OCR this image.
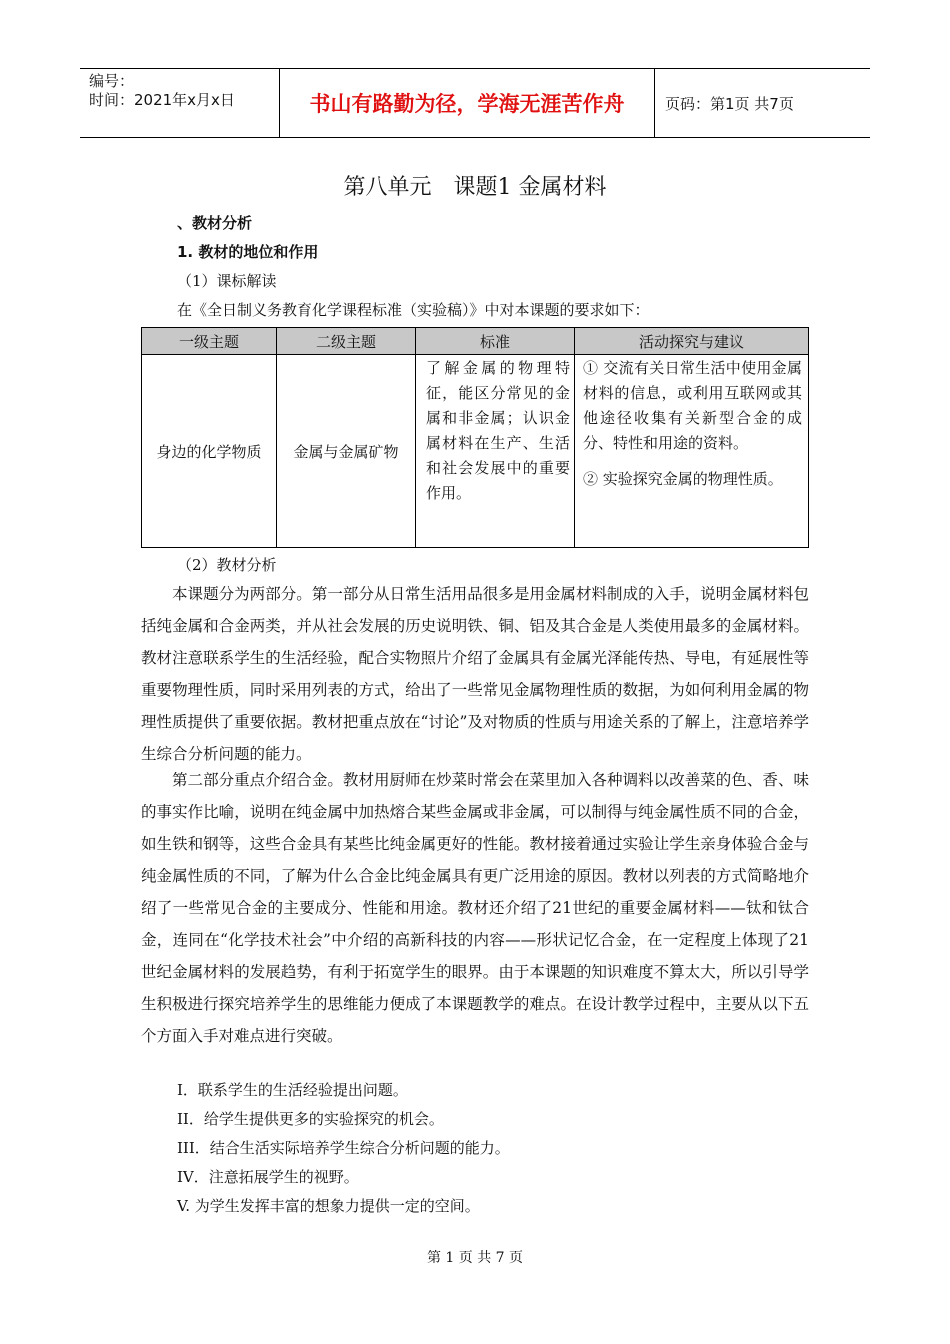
编号：
时间：2021年x月x日	书山有路勤为径，学海无涯苦作舟	页码：第1页 共7页
第八单元　课题1 金属材料
、教材分析
1. 教材的地位和作用
（1）课标解读
在《全日制义务教育化学课程标准（实验稿）》中对本课题的要求如下：
一级主题	二级主题	标准	活动探究与建议
身边的化学物质	金属与金属矿物	了解金属的物理特征，能区分常见的金属和非金属；认识金属材料在生产、生活和社会发展中的重要作用。	① 交流有关日常生活中使用金属材料的信息，或利用互联网或其他途径收集有关新型合金的成分、特性和用途的资料。
② 实验探究金属的物理性质。
（2）教材分析

本课题分为两部分。第一部分从日常生活用品很多是用金属材料制成的入手，说明金属材料包括纯金属和合金两类，并从社会发展的历史说明铁、铜、铝及其合金是人类使用最多的金属材料。教材注意联系学生的生活经验，配合实物照片介绍了金属具有金属光泽能传热、导电，有延展性等重要物理性质，同时采用列表的方式，给出了一些常见金属物理性质的数据，为如何利用金属的物理性质提供了重要依据。教材把重点放在“讨论”及对物质的性质与用途关系的了解上，注意培养学生综合分析问题的能力。

第二部分重点介绍合金。教材用厨师在炒菜时常会在菜里加入各种调料以改善菜的色、香、味的事实作比喻，说明在纯金属中加热熔合某些金属或非金属，可以制得与纯金属性质不同的合金，如生铁和钢等，这些合金具有某些比纯金属更好的性能。教材接着通过实验让学生亲身体验合金与纯金属性质的不同，了解为什么合金比纯金属具有更广泛用途的原因。教材以列表的方式简略地介绍了一些常见合金的主要成分、性能和用途。教材还介绍了21世纪的重要金属材料——钛和钛合金，连同在“化学技术社会”中介绍的高新科技的内容——形状记忆合金，在一定程度上体现了21世纪金属材料的发展趋势，有利于拓宽学生的眼界。由于本课题的知识难度不算太大，所以引导学生积极进行探究培养学生的思维能力便成了本课题教学的难点。在设计教学过程中，主要从以下五个方面入手对难点进行突破。

I．联系学生的生活经验提出问题。
II．给学生提供更多的实验探究的机会。
III．结合生活实际培养学生综合分析问题的能力。
IV．注意拓展学生的视野。
V. 为学生发挥丰富的想象力提供一定的空间。
第 1 页 共 7 页
